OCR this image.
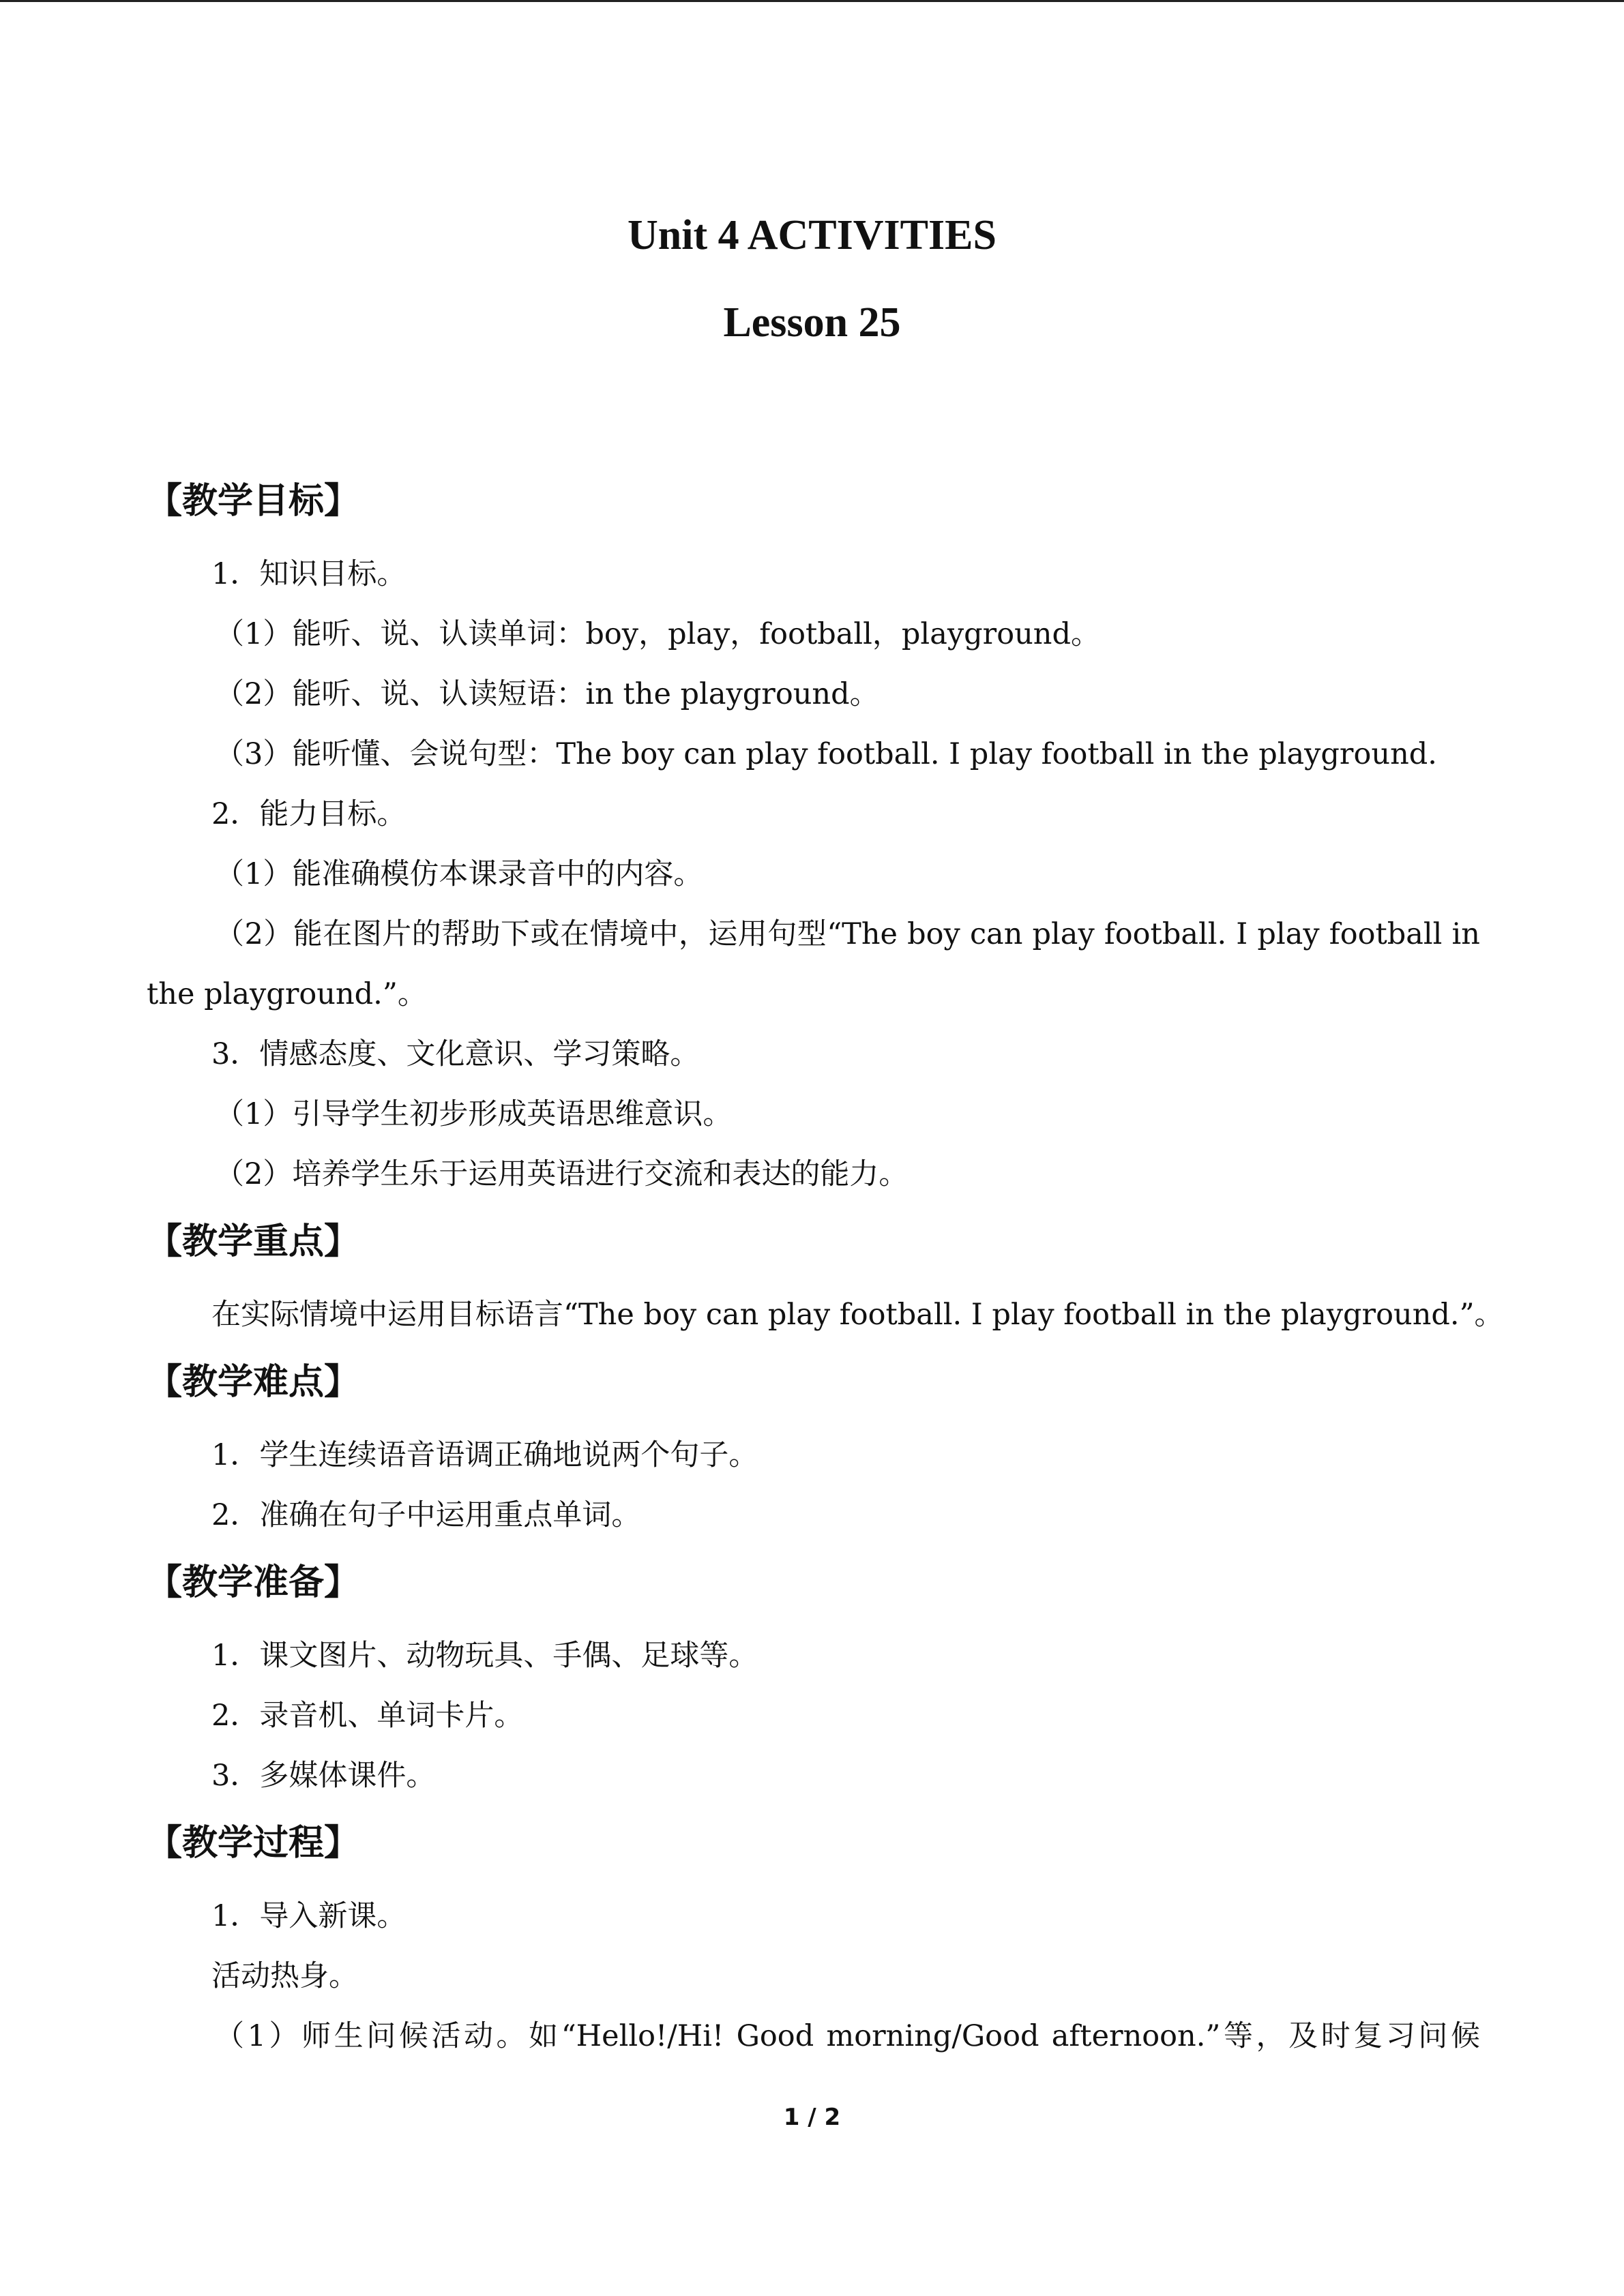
Unit 4 ACTIVITIES

Lesson 25

【教学目标】

1．知识目标。

（1）能听、说、认读单词：boy，play，football，playground。

（2）能听、说、认读短语：in the playground。

（3）能听懂、会说句型：The boy can play football. I play football in the playground.

2．能力目标。

（1）能准确模仿本课录音中的内容。

（2）能在图片的帮助下或在情境中，运用句型“The boy can play football. I play football in

the playground.”。

3．情感态度、文化意识、学习策略。

（1）引导学生初步形成英语思维意识。

（2）培养学生乐于运用英语进行交流和表达的能力。

【教学重点】

在实际情境中运用目标语言“The boy can play football. I play football in the playground.”。

【教学难点】

1．学生连续语音语调正确地说两个句子。

2．准确在句子中运用重点单词。

【教学准备】

1．课文图片、动物玩具、手偶、足球等。

2．录音机、单词卡片。

3．多媒体课件。

【教学过程】

1．导入新课。

活动热身。

（1）师生问候活动。如“Hello!/Hi! Good morning/Good afternoon.”等，及时复习问候

1 / 2
